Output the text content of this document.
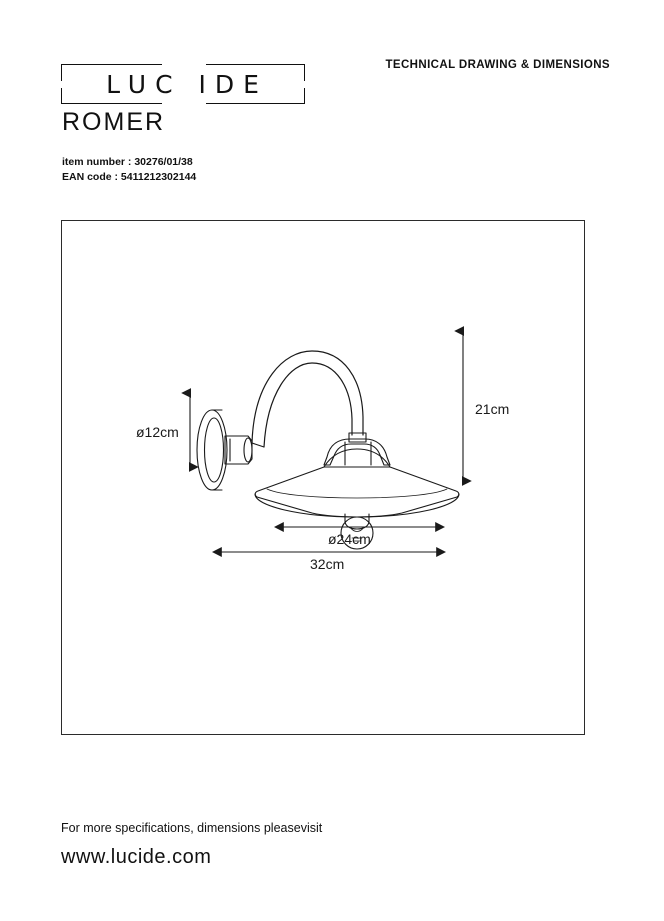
LUC IDE
TECHNICAL DRAWING & DIMENSIONS
ROMER
item number : 30276/01/38
EAN code : 5411212302144
ø12cm
21cm
ø24cm
32cm
For more specifications, dimensions pleasevisit
www.lucide.com
